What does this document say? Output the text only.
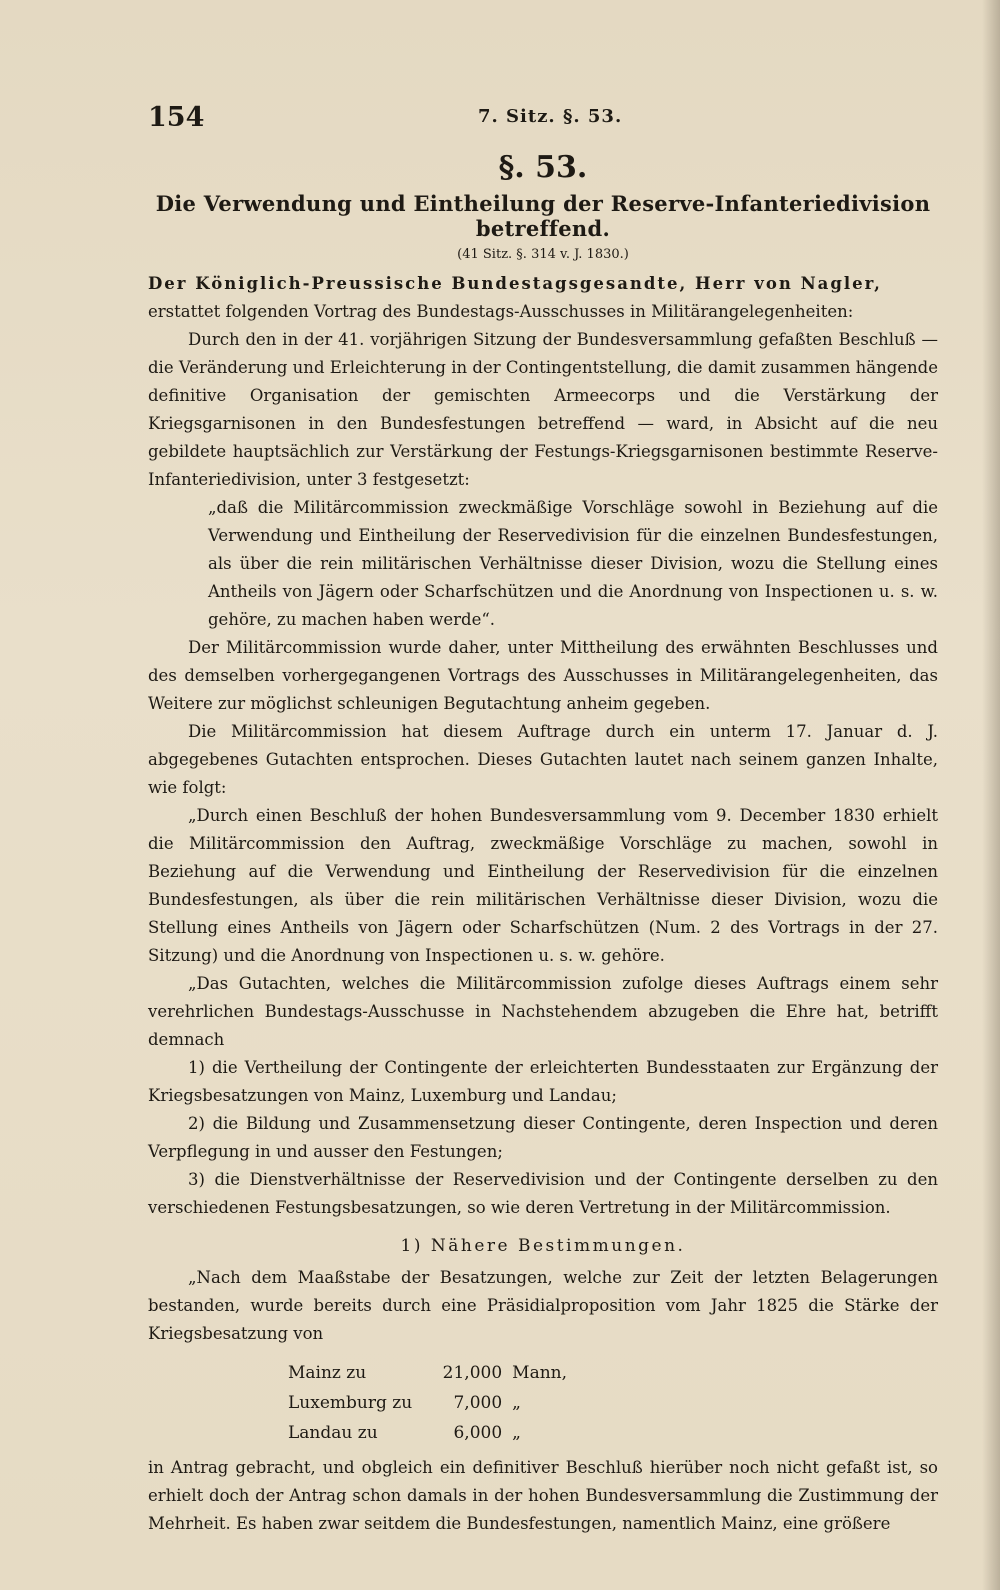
154	7. Sitz. §. 53.
§. 53.
Die Verwendung und Eintheilung der Reserve-Infanteriedivision betreffend.
(41 Sitz. §. 314 v. J. 1830.)

Der Königlich-Preussische Bundestagsgesandte, Herr von Nagler,
erstattet folgenden Vortrag des Bundestags-Ausschusses in Militärangelegenheiten:

Durch den in der 41. vorjährigen Sitzung der Bundesversammlung gefaßten Beschluß — die Veränderung und Erleichterung in der Contingentstellung, die damit zusammen hängende definitive Organisation der gemischten Armeecorps und die Verstärkung der Kriegsgarnisonen in den Bundesfestungen betreffend — ward, in Absicht auf die neu gebildete hauptsächlich zur Verstärkung der Festungs-Kriegsgarnisonen bestimmte Reserve-Infanteriedivision, unter 3 festgesetzt:

„daß die Militärcommission zweckmäßige Vorschläge sowohl in Beziehung auf die Verwendung und Eintheilung der Reservedivision für die einzelnen Bundesfestungen, als über die rein militärischen Verhältnisse dieser Division, wozu die Stellung eines Antheils von Jägern oder Scharfschützen und die Anordnung von Inspectionen u. s. w. gehöre, zu machen haben werde“.

Der Militärcommission wurde daher, unter Mittheilung des erwähnten Beschlusses und des demselben vorhergegangenen Vortrags des Ausschusses in Militärangelegenheiten, das Weitere zur möglichst schleunigen Begutachtung anheim gegeben.

Die Militärcommission hat diesem Auftrage durch ein unterm 17. Januar d. J. abgegebenes Gutachten entsprochen. Dieses Gutachten lautet nach seinem ganzen Inhalte, wie folgt:

„Durch einen Beschluß der hohen Bundesversammlung vom 9. December 1830 erhielt die Militärcommission den Auftrag, zweckmäßige Vorschläge zu machen, sowohl in Beziehung auf die Verwendung und Eintheilung der Reservedivision für die einzelnen Bundesfestungen, als über die rein militärischen Verhältnisse dieser Division, wozu die Stellung eines Antheils von Jägern oder Scharfschützen (Num. 2 des Vortrags in der 27. Sitzung) und die Anordnung von Inspectionen u. s. w. gehöre.

„Das Gutachten, welches die Militärcommission zufolge dieses Auftrags einem sehr verehrlichen Bundestags-Ausschusse in Nachstehendem abzugeben die Ehre hat, betrifft demnach

1) die Vertheilung der Contingente der erleichterten Bundesstaaten zur Ergänzung der Kriegsbesatzungen von Mainz, Luxemburg und Landau;

2) die Bildung und Zusammensetzung dieser Contingente, deren Inspection und deren Verpflegung in und ausser den Festungen;

3) die Dienstverhältnisse der Reservedivision und der Contingente derselben zu den verschiedenen Festungsbesatzungen, so wie deren Vertretung in der Militärcommission.

1) Nähere Bestimmungen.

„Nach dem Maaßstabe der Besatzungen, welche zur Zeit der letzten Belagerungen bestanden, wurde bereits durch eine Präsidialproposition vom Jahr 1825 die Stärke der Kriegsbesatzung von

Mainz zu	21,000	Mann,
Luxemburg zu	7,000	„
Landau zu	6,000	„

in Antrag gebracht, und obgleich ein definitiver Beschluß hierüber noch nicht gefaßt ist, so erhielt doch der Antrag schon damals in der hohen Bundesversammlung die Zustimmung der Mehrheit. Es haben zwar seitdem die Bundesfestungen, namentlich Mainz, eine größere
